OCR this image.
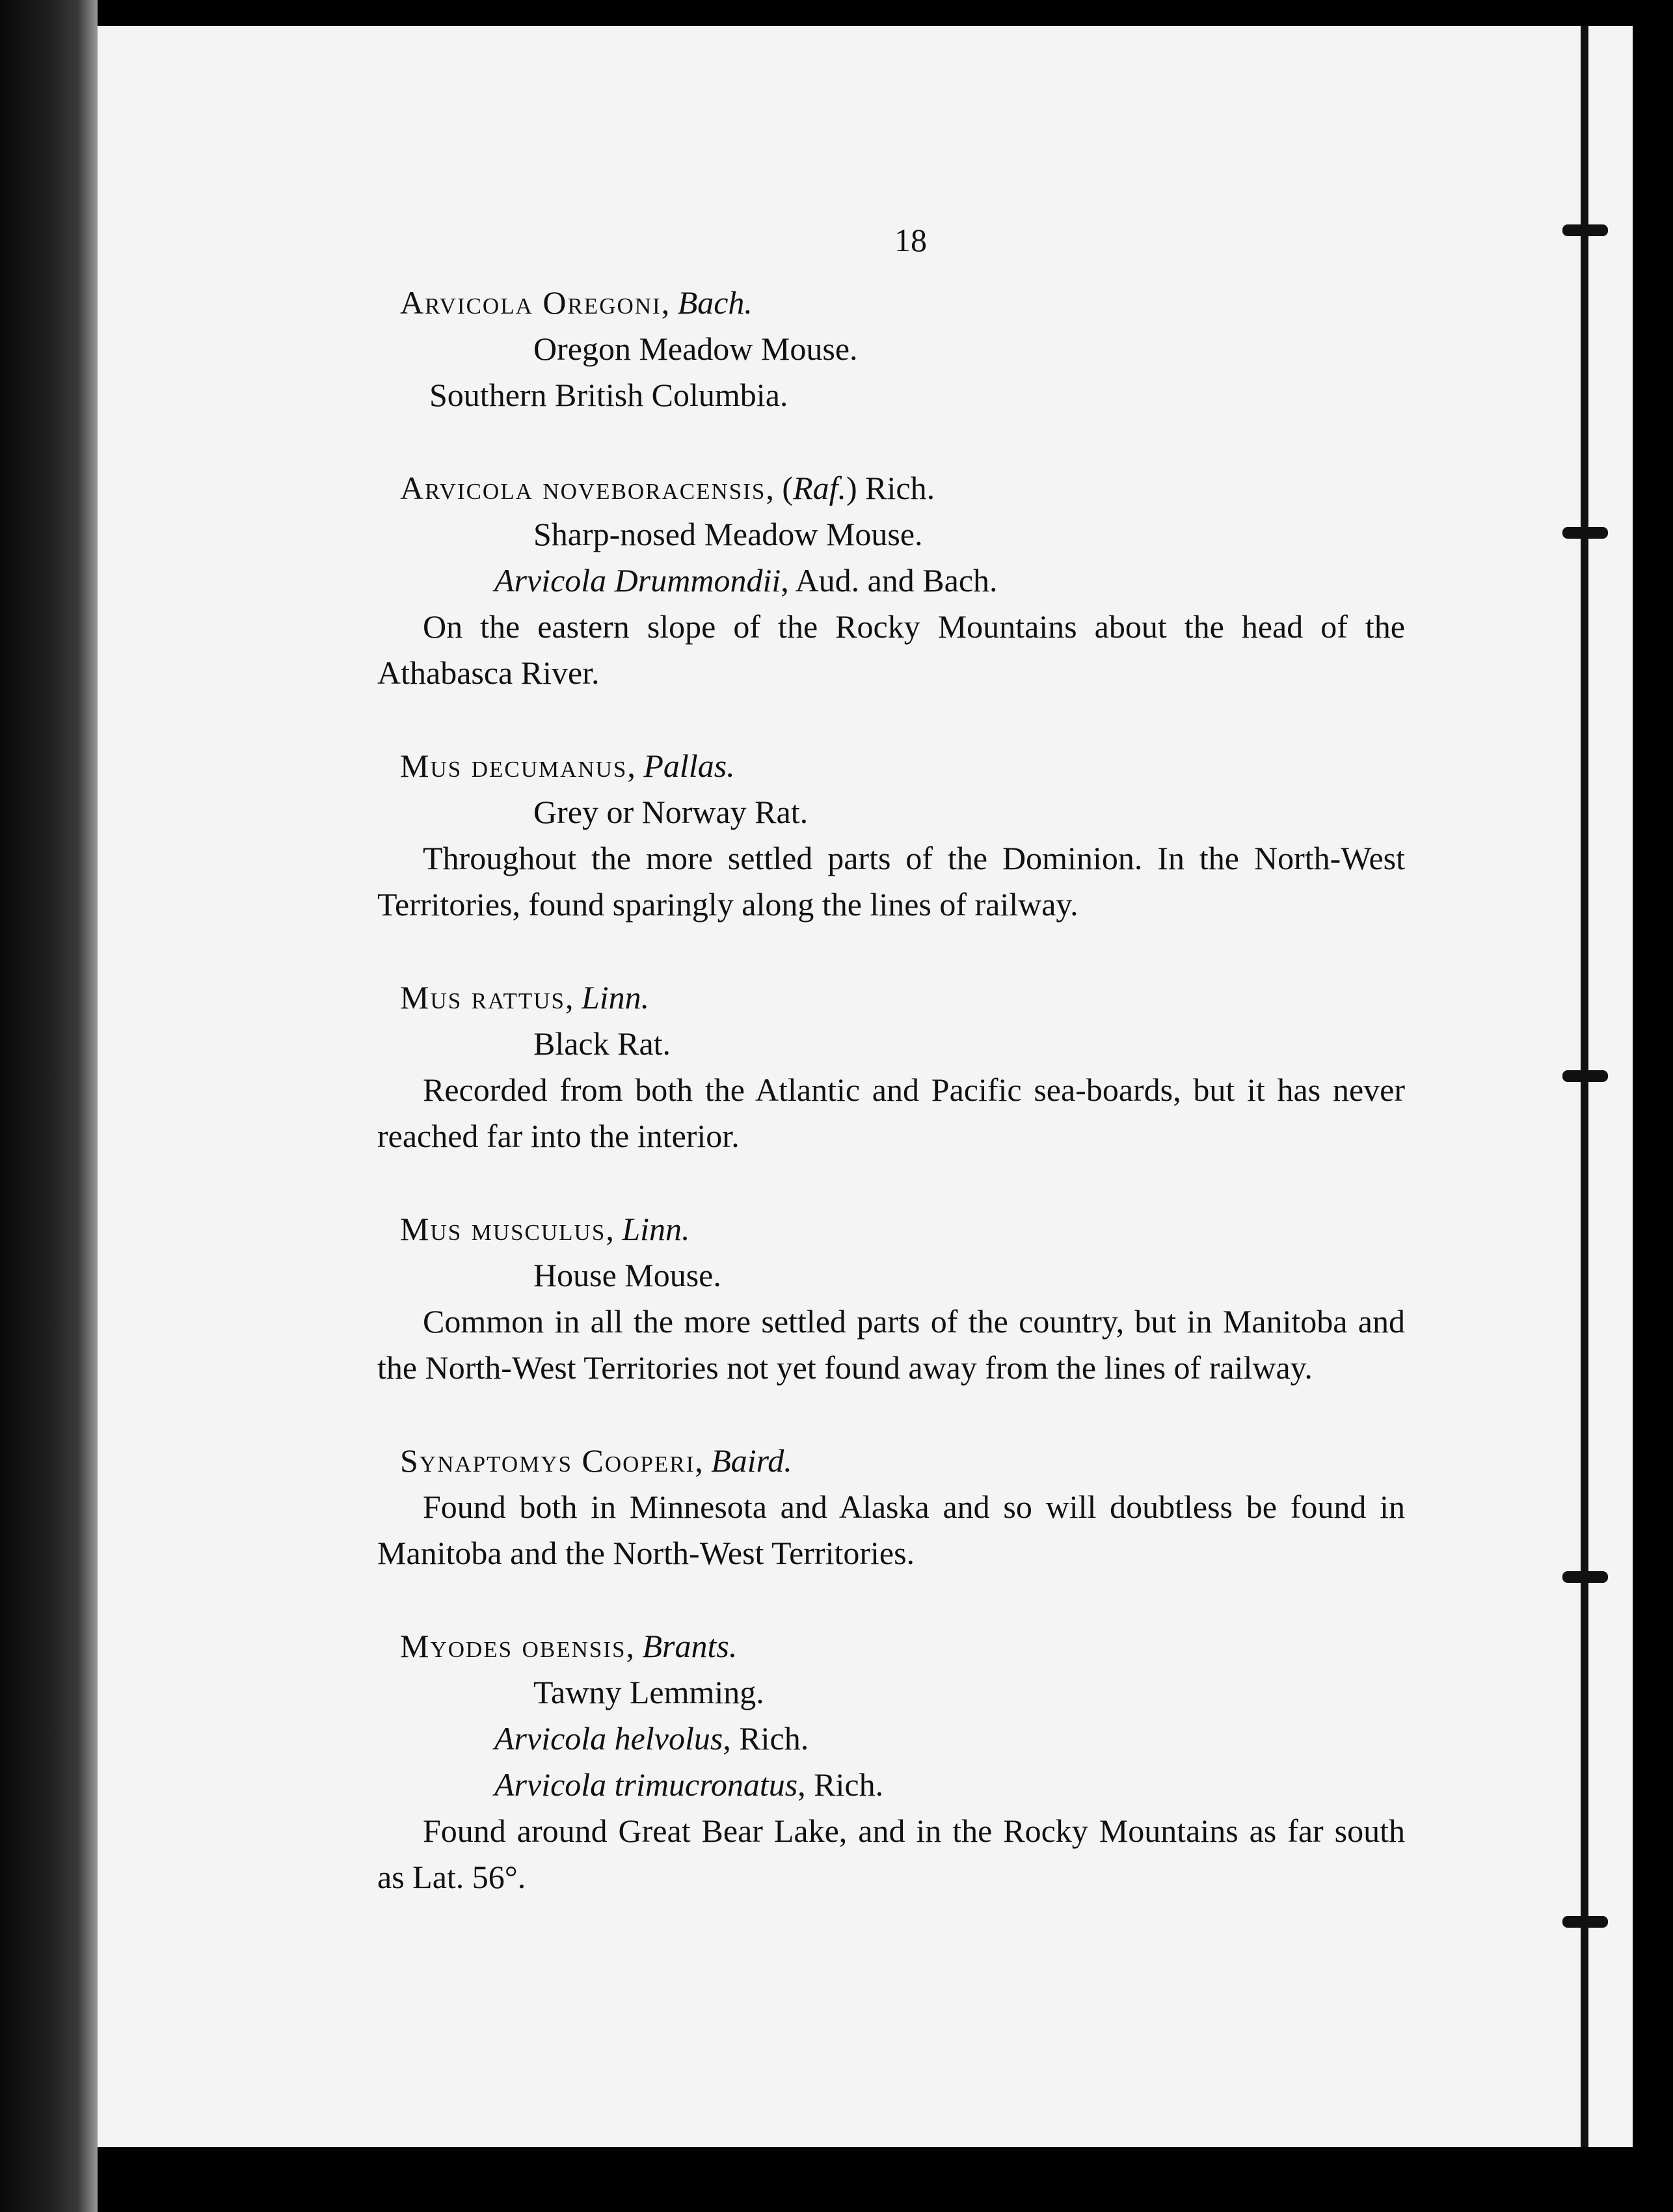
18

Arvicola Oregoni, Bach.

Oregon Meadow Mouse.

Southern British Columbia.

Arvicola noveboracensis, (Raf.) Rich.

Sharp-nosed Meadow Mouse.

Arvicola Drummondii, Aud. and Bach.

On the eastern slope of the Rocky Mountains about the head of the Athabasca River.

Mus decumanus, Pallas.

Grey or Norway Rat.

Throughout the more settled parts of the Dominion. In the North-West Territories, found sparingly along the lines of railway.

Mus rattus, Linn.

Black Rat.

Recorded from both the Atlantic and Pacific sea-boards, but it has never reached far into the interior.

Mus musculus, Linn.

House Mouse.

Common in all the more settled parts of the country, but in Manitoba and the North-West Territories not yet found away from the lines of railway.

Synaptomys Cooperi, Baird.

Found both in Minnesota and Alaska and so will doubtless be found in Manitoba and the North-West Territories.

Myodes obensis, Brants.

Tawny Lemming.

Arvicola helvolus, Rich.

Arvicola trimucronatus, Rich.

Found around Great Bear Lake, and in the Rocky Mountains as far south as Lat. 56°.
